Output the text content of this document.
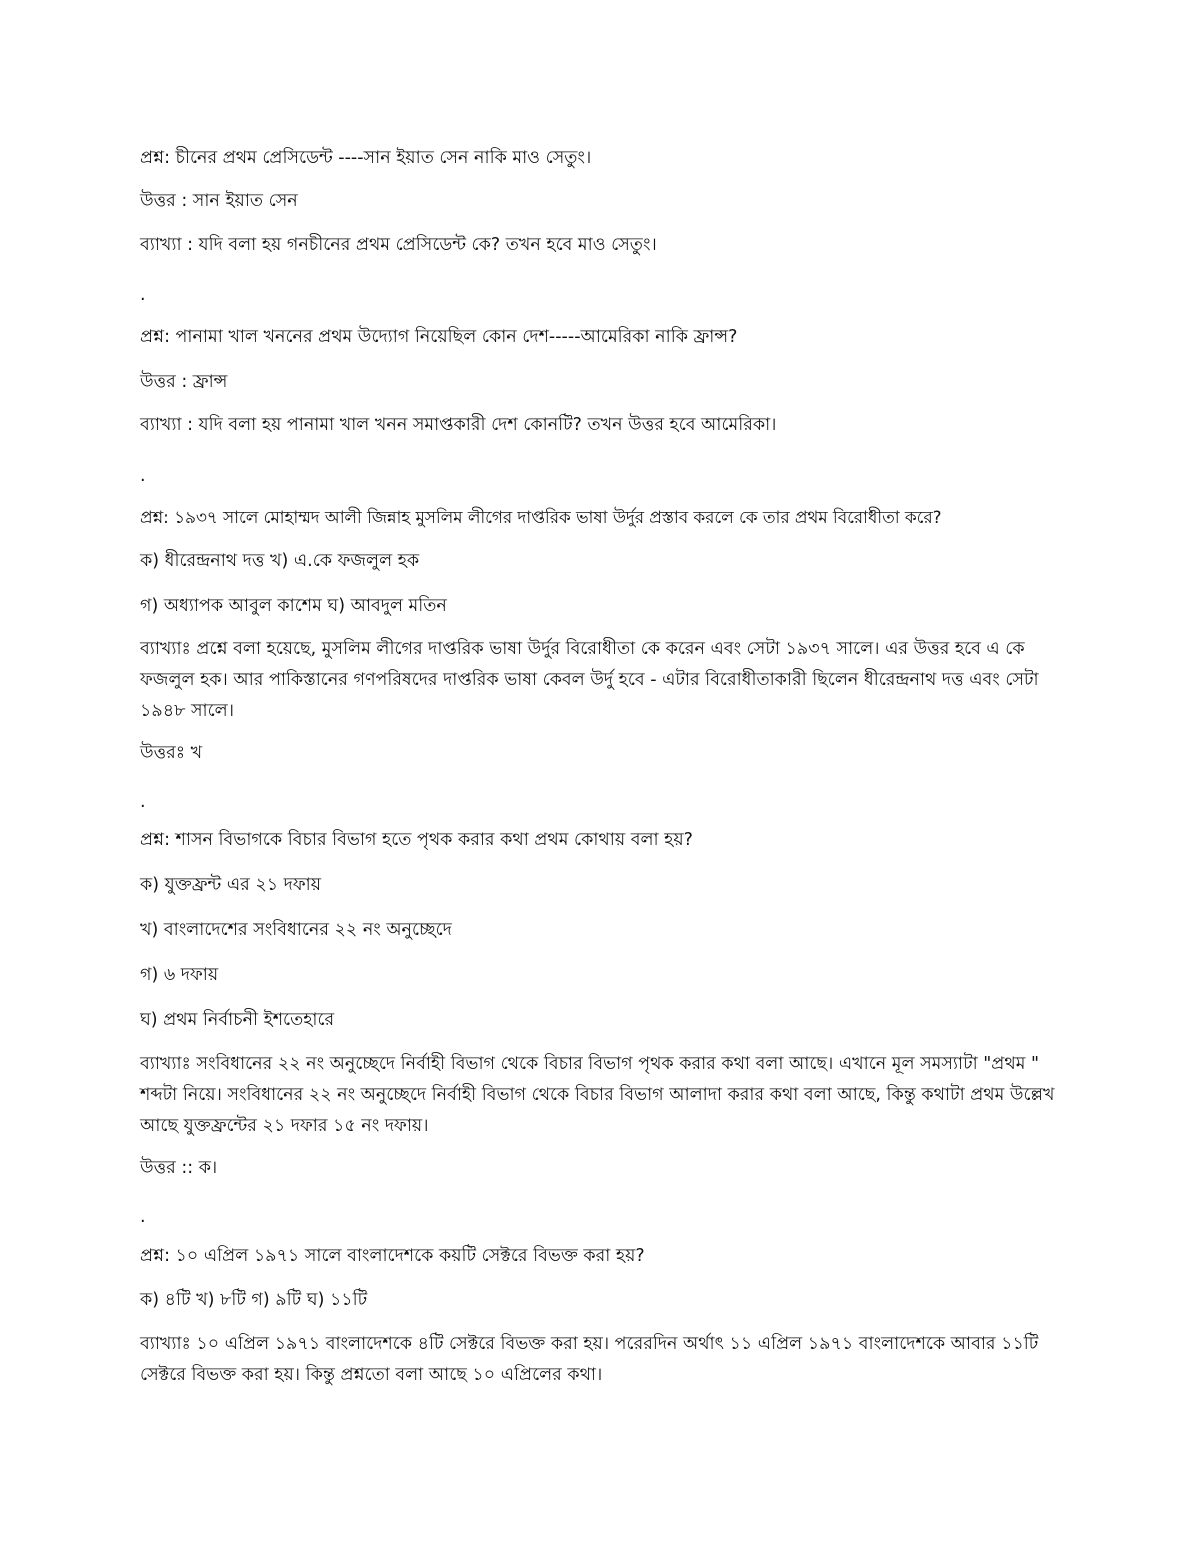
প্রশ্ন: চীনের প্রথম প্রেসিডেন্ট ----সান ইয়াত সেন নাকি মাও সেতুং।

উত্তর : সান ইয়াত সেন

ব্যাখ্যা : যদি বলা হয় গনচীনের প্রথম প্রেসিডেন্ট কে? তখন হবে মাও সেতুং।

.

প্রশ্ন: পানামা খাল খননের প্রথম উদ্যোগ নিয়েছিল কোন দেশ-----আমেরিকা নাকি ফ্রান্স?

উত্তর : ফ্রান্স

ব্যাখ্যা : যদি বলা হয় পানামা খাল খনন সমাপ্তকারী দেশ কোনটি? তখন উত্তর হবে আমেরিকা।

.

প্রশ্ন: ১৯৩৭ সালে মোহাম্মদ আলী জিন্নাহ মুসলিম লীগের দাপ্তরিক ভাষা উর্দুর প্রস্তাব করলে কে তার প্রথম বিরোধীতা করে?

ক) ধীরেন্দ্রনাথ দত্ত খ) এ.কে ফজলুল হক

গ) অধ্যাপক আবুল কাশেম ঘ) আবদুল মতিন

ব্যাখ্যাঃ প্রশ্নে বলা হয়েছে, মুসলিম লীগের দাপ্তরিক ভাষা উর্দুর বিরোধীতা কে করেন এবং সেটা ১৯৩৭ সালে। এর উত্তর হবে এ কে ফজলুল হক। আর পাকিস্তানের গণপরিষদের দাপ্তরিক ভাষা কেবল উর্দু হবে - এটার বিরোধীতাকারী ছিলেন ধীরেন্দ্রনাথ দত্ত এবং সেটা ১৯৪৮ সালে।

উত্তরঃ খ

.

প্রশ্ন: শাসন বিভাগকে বিচার বিভাগ হতে পৃথক করার কথা প্রথম কোথায় বলা হয়?

ক) যুক্তফ্রন্ট এর ২১ দফায়

খ) বাংলাদেশের সংবিধানের ২২ নং অনুচ্ছেদে

গ) ৬ দফায়

ঘ) প্রথম নির্বাচনী ইশতেহারে

ব্যাখ্যাঃ সংবিধানের ২২ নং অনুচ্ছেদে নির্বাহী বিভাগ থেকে বিচার বিভাগ পৃথক করার কথা বলা আছে। এখানে মূল সমস্যাটা "প্রথম " শব্দটা নিয়ে। সংবিধানের ২২ নং অনুচ্ছেদে নির্বাহী বিভাগ থেকে বিচার বিভাগ আলাদা করার কথা বলা আছে, কিন্তু কথাটা প্রথম উল্লেখ আছে যুক্তফ্রন্টের ২১ দফার ১৫ নং দফায়।

উত্তর :: ক।

.

প্রশ্ন: ১০ এপ্রিল ১৯৭১ সালে বাংলাদেশকে কয়টি সেক্টরে বিভক্ত করা হয়?

ক) ৪টি খ) ৮টি গ) ৯টি ঘ) ১১টি

ব্যাখ্যাঃ ১০ এপ্রিল ১৯৭১ বাংলাদেশকে ৪টি সেক্টরে বিভক্ত করা হয়। পরেরদিন অর্থাৎ ১১ এপ্রিল ১৯৭১ বাংলাদেশকে আবার ১১টি সেক্টরে বিভক্ত করা হয়। কিন্তু প্রশ্নতো বলা আছে ১০ এপ্রিলের কথা।
